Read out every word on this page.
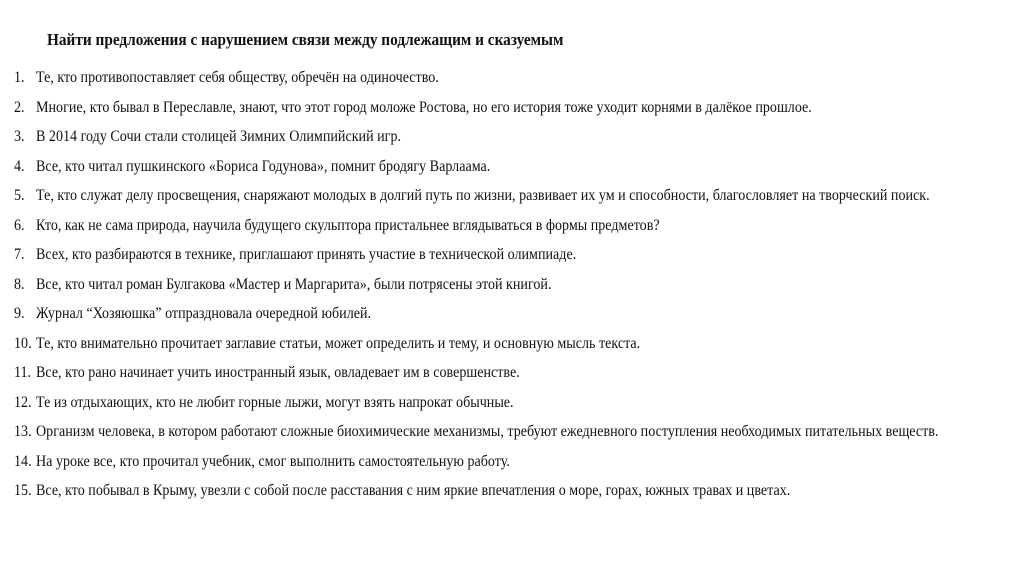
Найти предложения с нарушением связи между подлежащим и сказуемым
1. Те, кто противопоставляет себя обществу, обречён на одиночество.
2. Многие, кто бывал в Переславле, знают, что этот город моложе Ростова, но его история тоже уходит корнями в далёкое прошлое.
3. В 2014 году Сочи стали столицей Зимних Олимпийский игр.
4. Все, кто читал пушкинского «Бориса Годунова», помнит бродягу Варлаама.
5. Те, кто служат делу просвещения, снаряжают молодых в долгий путь по жизни, развивает их ум и способности, благословляет на творческий поиск.
6. Кто, как не сама природа, научила будущего скульптора пристальнее вглядываться в формы предметов?
7. Всех, кто разбираются в технике, приглашают принять участие в технической олимпиаде.
8. Все, кто читал роман Булгакова «Мастер и Маргарита», были потрясены этой книгой.
9. Журнал “Хозяюшка” отпраздновала очередной юбилей.
10. Те, кто внимательно прочитает заглавие статьи, может определить и тему, и основную мысль текста.
11. Все, кто рано начинает учить иностранный язык, овладевает им в совершенстве.
12. Те из отдыхающих, кто не любит горные лыжи, могут взять напрокат обычные.
13. Организм человека, в котором работают сложные биохимические механизмы, требуют ежедневного поступления необходимых питательных веществ.
14. На уроке все, кто прочитал учебник, смог выполнить самостоятельную работу.
15. Все, кто побывал в Крыму, увезли с собой после расставания с ним яркие впечатления о море, горах, южных травах и цветах.
